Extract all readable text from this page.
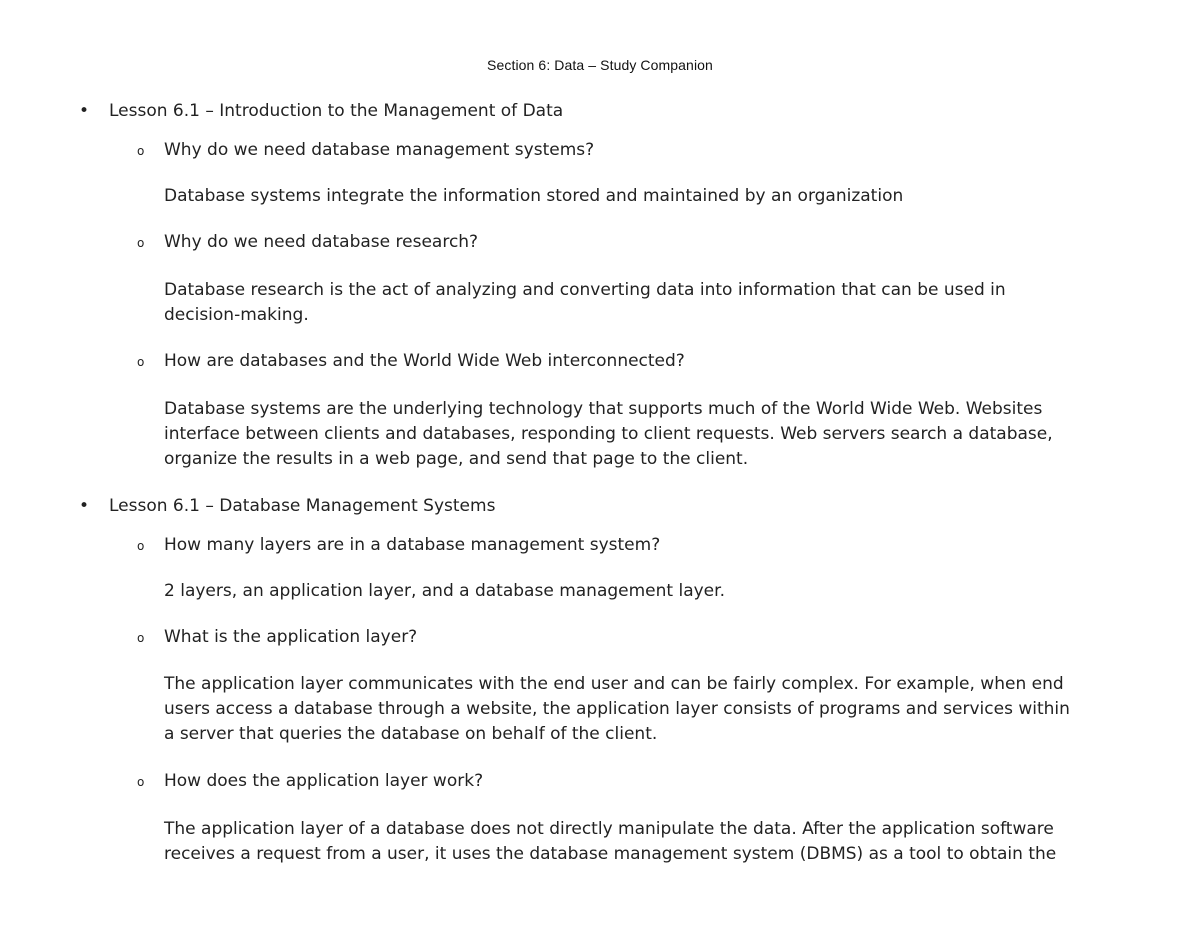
Section 6: Data – Study Companion
•	Lesson 6.1 – Introduction to the Management of Data
o	Why do we need database management systems?

Database systems integrate the information stored and maintained by an organization

o	Why do we need database research?

Database research is the act of analyzing and converting data into information that can be used in

decision-making.

o	How are databases and the World Wide Web interconnected?

Database systems are the underlying technology that supports much of the World Wide Web. Websites

interface between clients and databases, responding to client requests. Web servers search a database,

organize the results in a web page, and send that page to the client.

•	Lesson 6.1 – Database Management Systems
o	How many layers are in a database management system?

2 layers, an application layer, and a database management layer.

o	What is the application layer?

The application layer communicates with the end user and can be fairly complex. For example, when end

users access a database through a website, the application layer consists of programs and services within

a server that queries the database on behalf of the client.

o	How does the application layer work?

The application layer of a database does not directly manipulate the data. After the application software

receives a request from a user, it uses the database management system (DBMS) as a tool to obtain the
